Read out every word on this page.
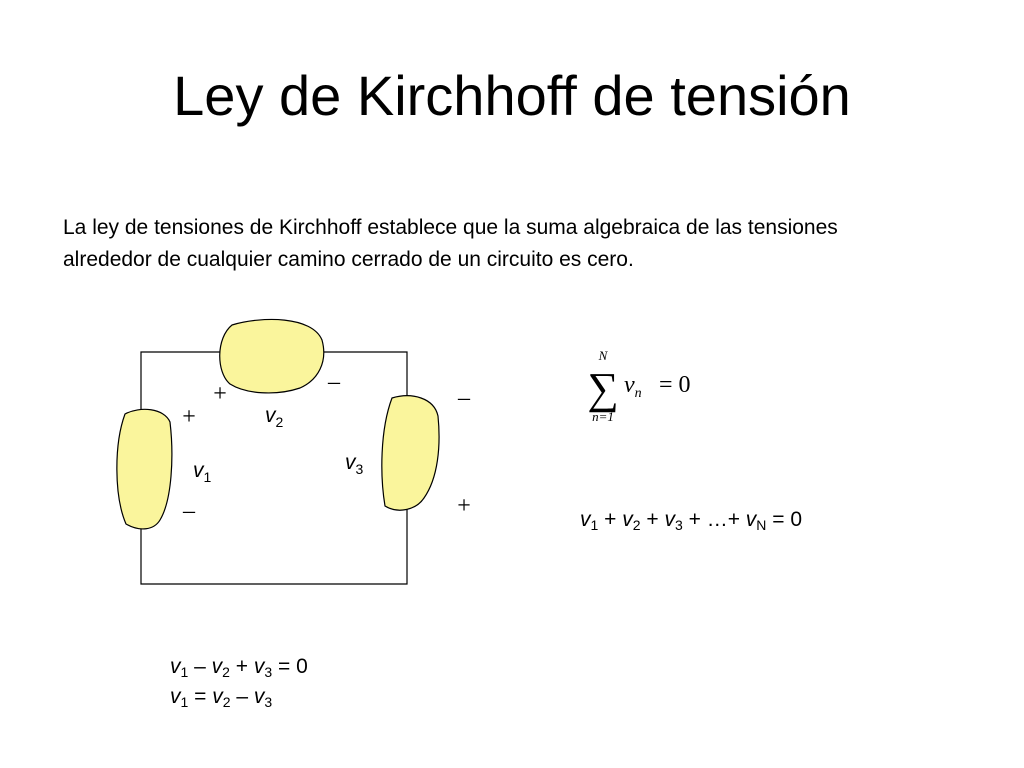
Ley de Kirchhoff de tensión
La ley de tensiones de Kirchhoff establece que la suma algebraica de las tensiones alrededor de cualquier camino cerrado de un circuito es cero.
+	–
+
–
–
+
$v_2$
$v_1$
$v_3$
N
∑
n=1
$v_n = 0$
$v_1 + v_2 + v_3$ + …+ $v_N = 0$
$v_1 - v_2 + v_3 = 0$
$v_1 = v_2 - v_3$
